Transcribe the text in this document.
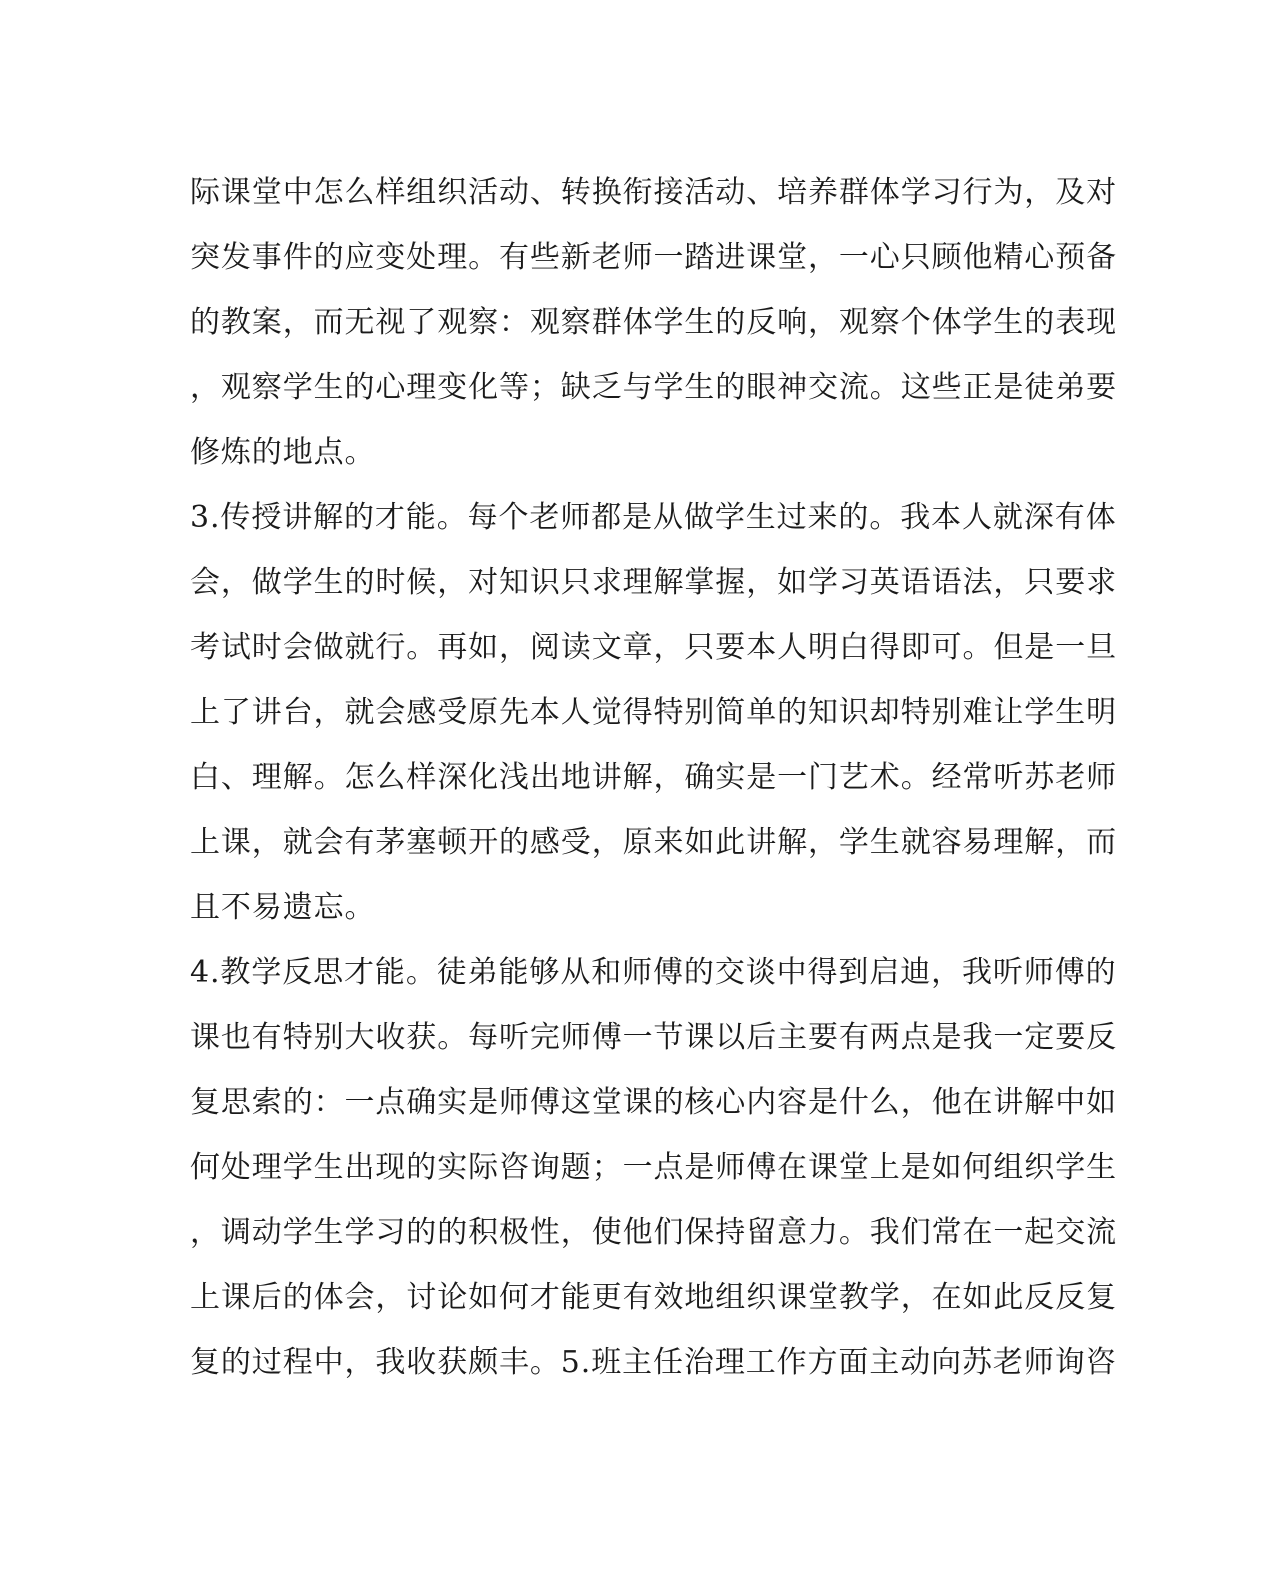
际课堂中怎么样组织活动、转换衔接活动、培养群体学习行为，及对
突发事件的应变处理。有些新老师一踏进课堂，一心只顾他精心预备
的教案，而无视了观察：观察群体学生的反响，观察个体学生的表现
，观察学生的心理变化等；缺乏与学生的眼神交流。这些正是徒弟要
修炼的地点。
3.传授讲解的才能。每个老师都是从做学生过来的。我本人就深有体
会，做学生的时候，对知识只求理解掌握，如学习英语语法，只要求
考试时会做就行。再如，阅读文章，只要本人明白得即可。但是一旦
上了讲台，就会感受原先本人觉得特别简单的知识却特别难让学生明
白、理解。怎么样深化浅出地讲解，确实是一门艺术。经常听苏老师
上课，就会有茅塞顿开的感受，原来如此讲解，学生就容易理解，而
且不易遗忘。
4.教学反思才能。徒弟能够从和师傅的交谈中得到启迪，我听师傅的
课也有特别大收获。每听完师傅一节课以后主要有两点是我一定要反
复思索的：一点确实是师傅这堂课的核心内容是什么，他在讲解中如
何处理学生出现的实际咨询题；一点是师傅在课堂上是如何组织学生
，调动学生学习的的积极性，使他们保持留意力。我们常在一起交流
上课后的体会，讨论如何才能更有效地组织课堂教学，在如此反反复
复的过程中，我收获颇丰。5.班主任治理工作方面主动向苏老师询咨
